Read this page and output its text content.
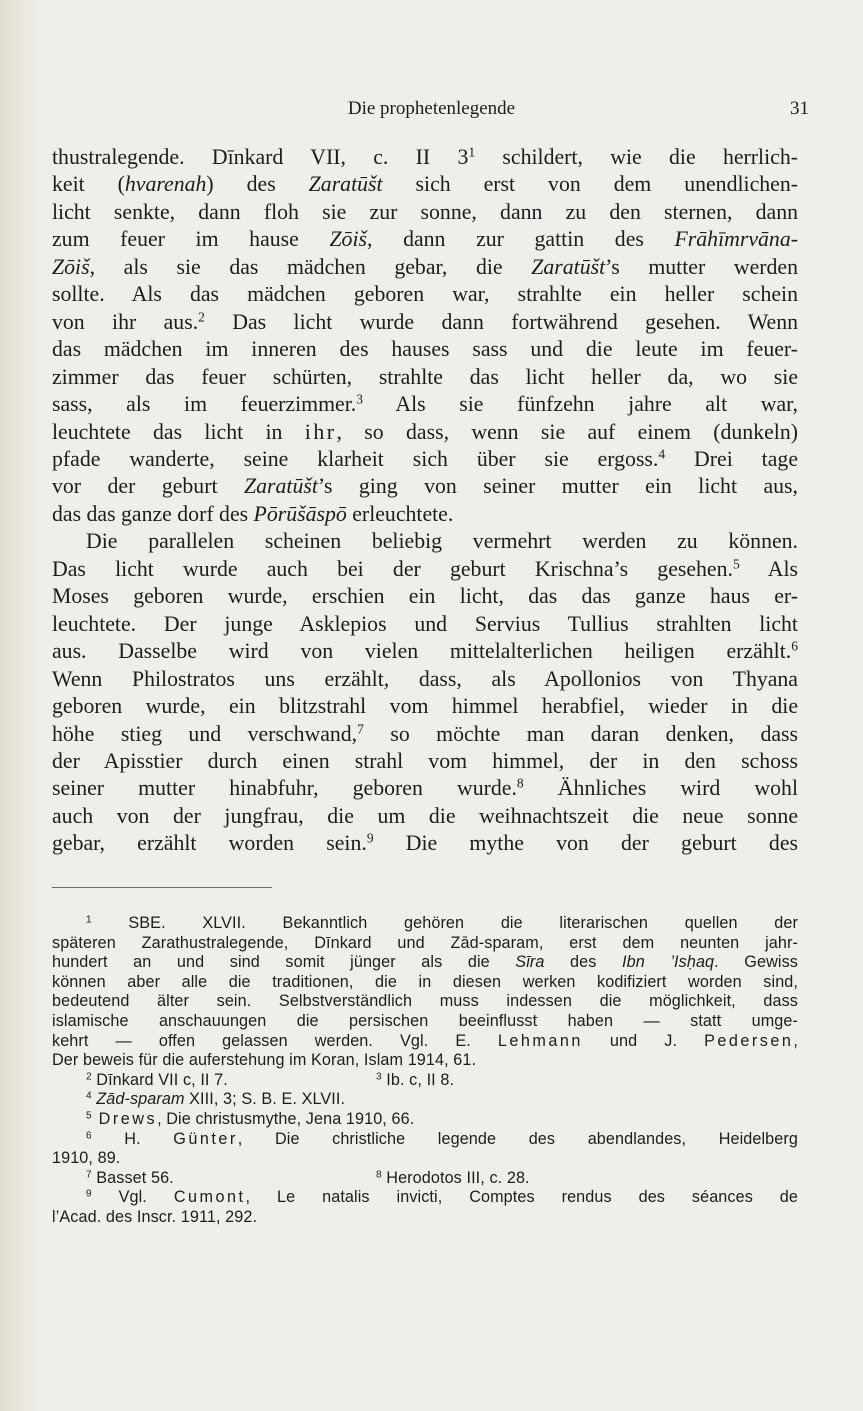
Die prophetenlegende	31
thustralegende. Dīnkard VII, c. II $3^1$ schildert, wie die herrlich-
keit (hvarenah) des Zaratūšt sich erst von dem unendlichen-
licht senkte, dann floh sie zur sonne, dann zu den sternen, dann
zum feuer im hause Zōiš, dann zur gattin des Frāhīmrvāna-
Zōiš, als sie das mädchen gebar, die Zaratūšt’s mutter werden
sollte. Als das mädchen geboren war, strahlte ein heller schein
von ihr aus.$^2$ Das licht wurde dann fortwährend gesehen. Wenn
das mädchen im inneren des hauses sass und die leute im feuer-
zimmer das feuer schürten, strahlte das licht heller da, wo sie
sass, als im feuerzimmer.$^3$ Als sie fünfzehn jahre alt war,
leuchtete das licht in ihr, so dass, wenn sie auf einem (dunkeln)
pfade wanderte, seine klarheit sich über sie ergoss.$^4$ Drei tage
vor der geburt Zaratūšt’s ging von seiner mutter ein licht aus,
das das ganze dorf des Pōrūšāspō erleuchtete.
Die parallelen scheinen beliebig vermehrt werden zu können.
Das licht wurde auch bei der geburt Krischna’s gesehen.$^5$ Als
Moses geboren wurde, erschien ein licht, das das ganze haus er-
leuchtete. Der junge Asklepios und Servius Tullius strahlten licht
aus. Dasselbe wird von vielen mittelalterlichen heiligen erzählt.$^6$
Wenn Philostratos uns erzählt, dass, als Apollonios von Thyana
geboren wurde, ein blitzstrahl vom himmel herabfiel, wieder in die
höhe stieg und verschwand,$^7$ so möchte man daran denken, dass
der Apisstier durch einen strahl vom himmel, der in den schoss
seiner mutter hinabfuhr, geboren wurde.$^8$ Ähnliches wird wohl
auch von der jungfrau, die um die weihnachtszeit die neue sonne
gebar, erzählt worden sein.$^9$ Die mythe von der geburt des
$^1$ SBE. XLVII. Bekanntlich gehören die literarischen quellen der
späteren Zarathustralegende, Dīnkard und Zād-sparam, erst dem neunten jahr-
hundert an und sind somit jünger als die Sīra des Ibn ’Isḥaq. Gewiss
können aber alle die traditionen, die in diesen werken kodifiziert worden sind,
bedeutend älter sein. Selbstverständlich muss indessen die möglichkeit, dass
islamische anschauungen die persischen beeinflusst haben — statt umge-
kehrt — offen gelassen werden. Vgl. E. Lehmann und J. Pedersen,
Der beweis für die auferstehung im Koran, Islam 1914, 61.
$^2$ Dīnkard VII c, II 7.	$^3$ Ib. c, II 8.
$^4$ Zād-sparam XIII, 3; S. B. E. XLVII.
$^5$ Drews, Die christusmythe, Jena 1910, 66.
$^6$ H. Günter, Die christliche legende des abendlandes, Heidelberg
1910, 89.
$^7$ Basset 56.	$^8$ Herodotos III, c. 28.
$^9$ Vgl. Cumont, Le natalis invicti, Comptes rendus des séances de
l’Acad. des Inscr. 1911, 292.
